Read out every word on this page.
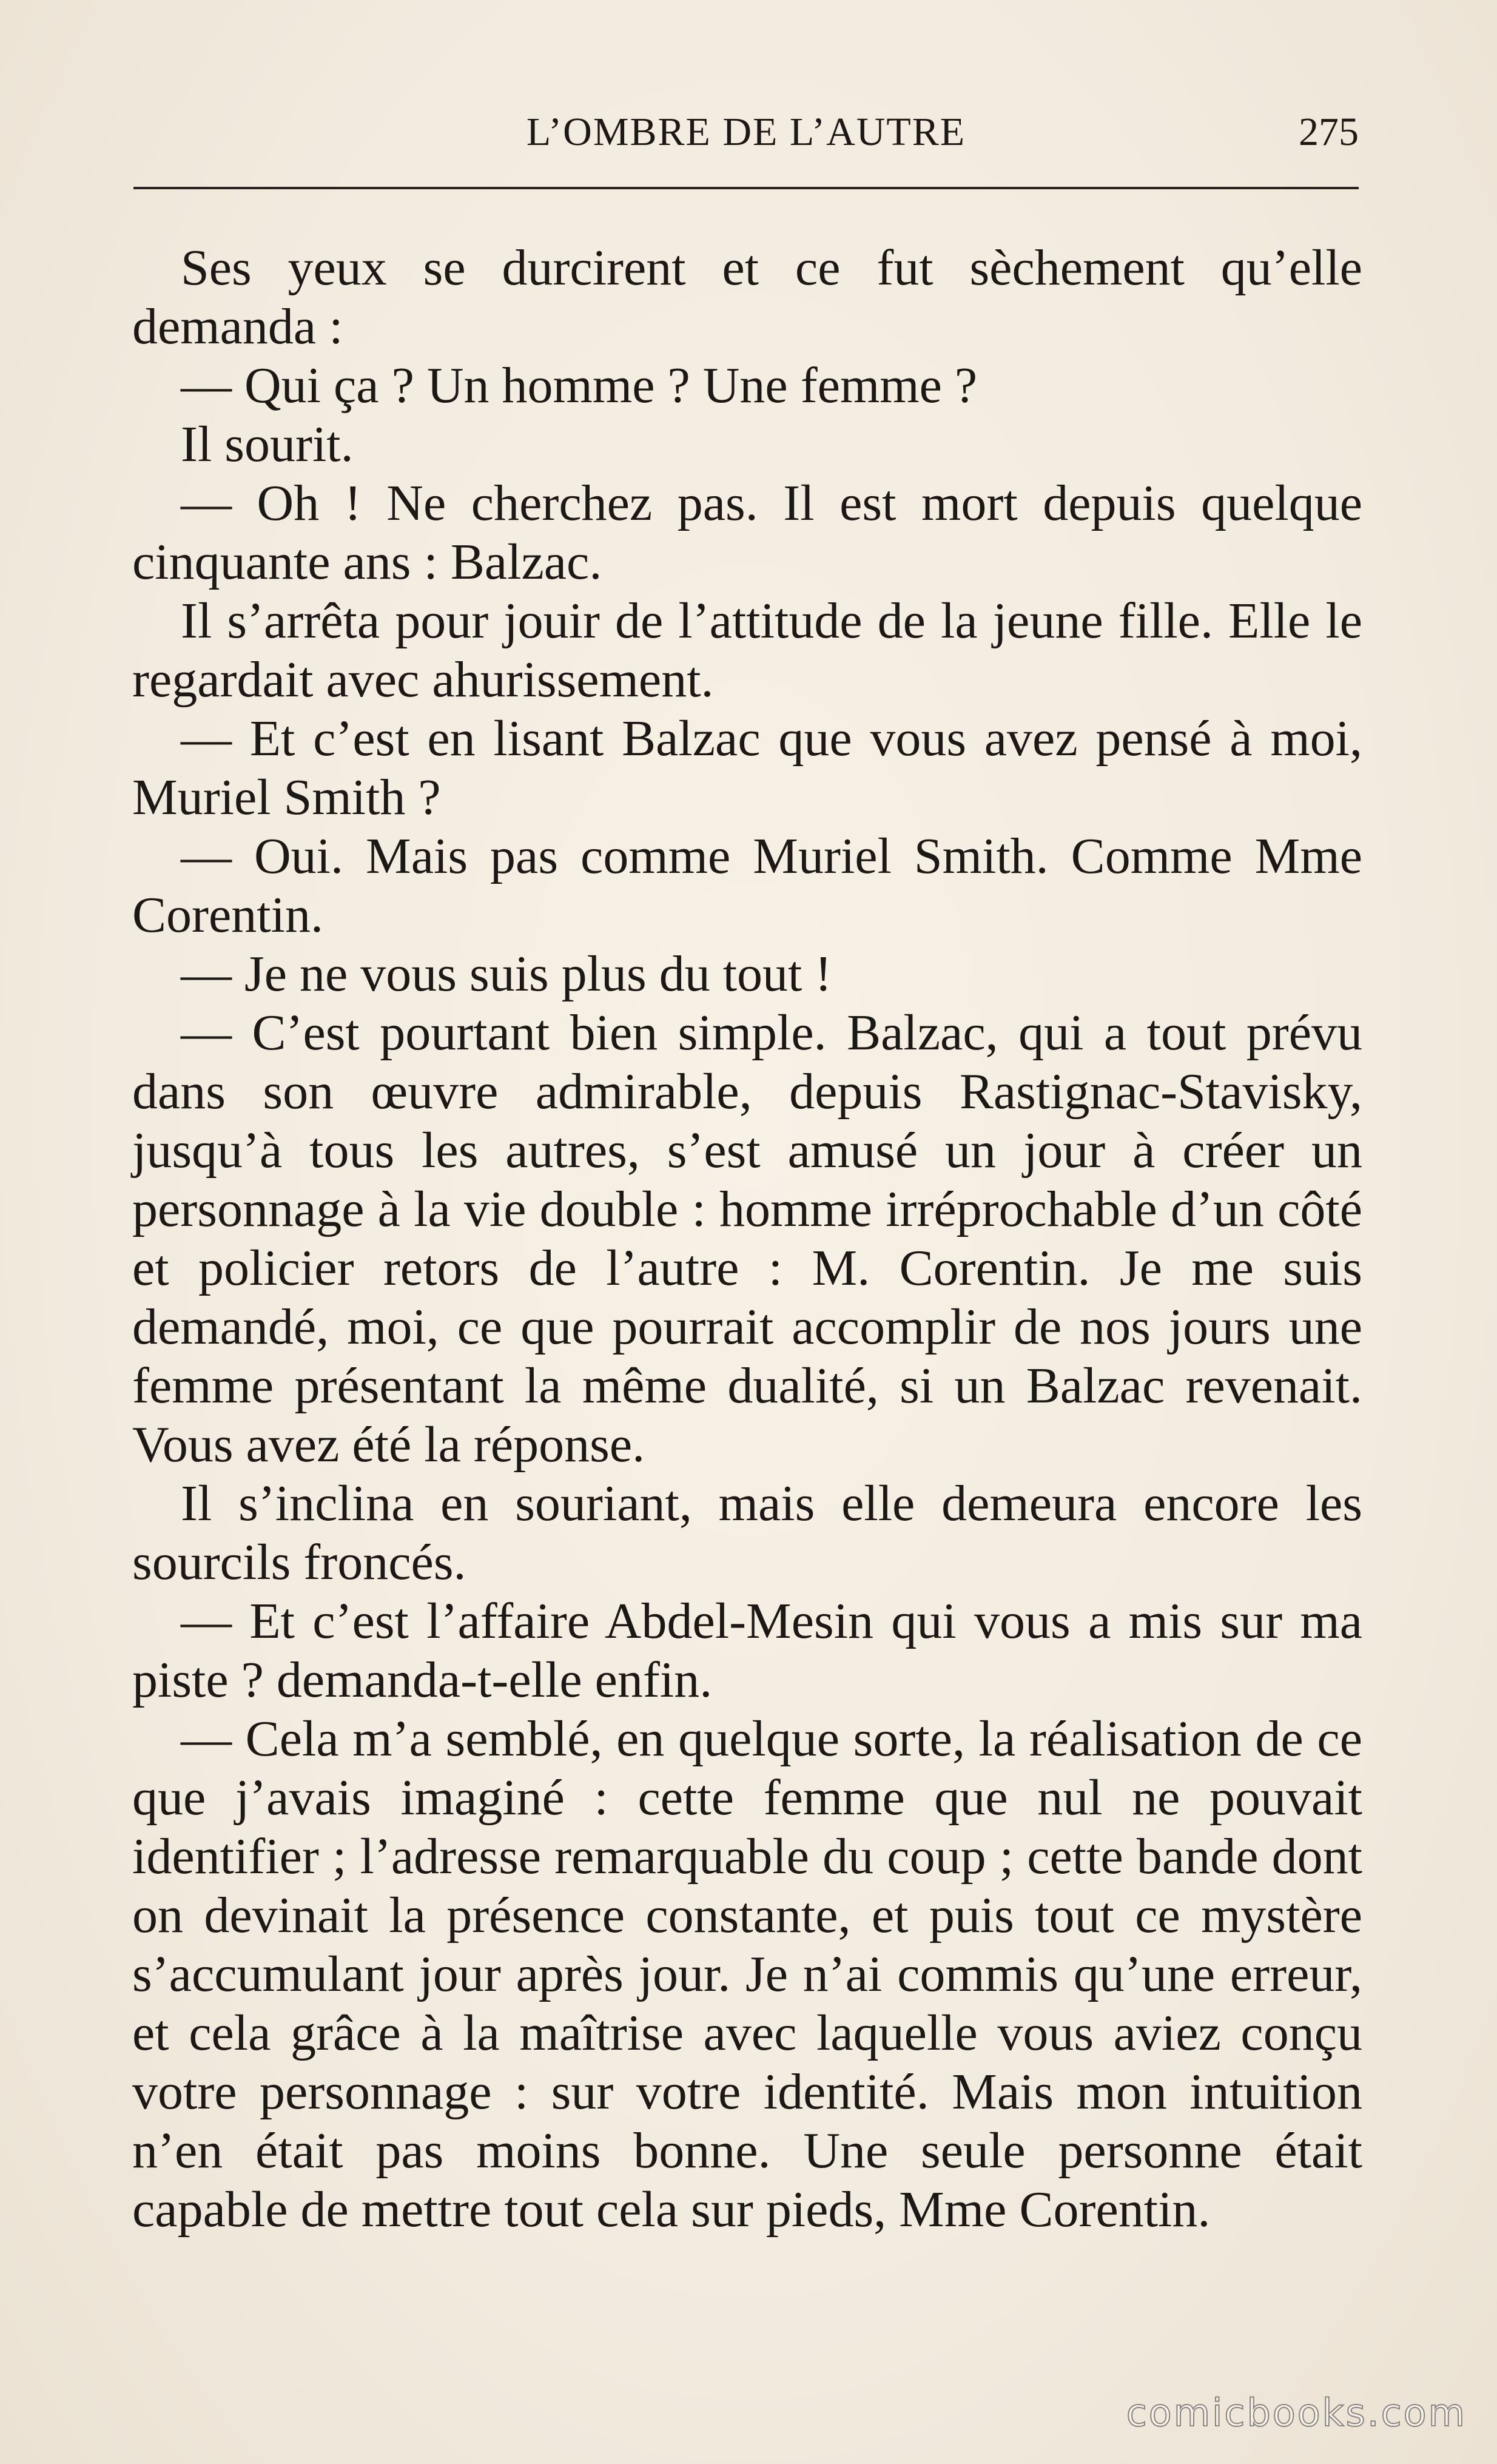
L’OMBRE DE L’AUTRE	275

Ses yeux se durcirent et ce fut sèchement qu’elle demanda :

— Qui ça ? Un homme ? Une femme ?

Il sourit.

— Oh ! Ne cherchez pas. Il est mort depuis quelque cinquante ans : Balzac.

Il s’arrêta pour jouir de l’attitude de la jeune fille. Elle le regardait avec ahurissement.

— Et c’est en lisant Balzac que vous avez pensé à moi, Muriel Smith ?

— Oui. Mais pas comme Muriel Smith. Comme Mme Corentin.

— Je ne vous suis plus du tout !

— C’est pourtant bien simple. Balzac, qui a tout prévu dans son œuvre admirable, depuis Rastignac-Stavisky, jusqu’à tous les autres, s’est amusé un jour à créer un personnage à la vie double : homme irréprochable d’un côté et policier retors de l’autre : M. Corentin. Je me suis demandé, moi, ce que pourrait accomplir de nos jours une femme présentant la même dualité, si un Balzac revenait. Vous avez été la réponse.

Il s’inclina en souriant, mais elle demeura encore les sourcils froncés.

— Et c’est l’affaire Abdel-Mesin qui vous a mis sur ma piste ? demanda-t-elle enfin.

— Cela m’a semblé, en quelque sorte, la réalisation de ce que j’avais imaginé : cette femme que nul ne pouvait identifier ; l’adresse remarquable du coup ; cette bande dont on devinait la présence constante, et puis tout ce mystère s’accumulant jour après jour. Je n’ai commis qu’une erreur, et cela grâce à la maîtrise avec laquelle vous aviez conçu votre personnage : sur votre identité. Mais mon intuition n’en était pas moins bonne. Une seule personne était capable de mettre tout cela sur pieds, Mme Corentin.

comicbooks.com
